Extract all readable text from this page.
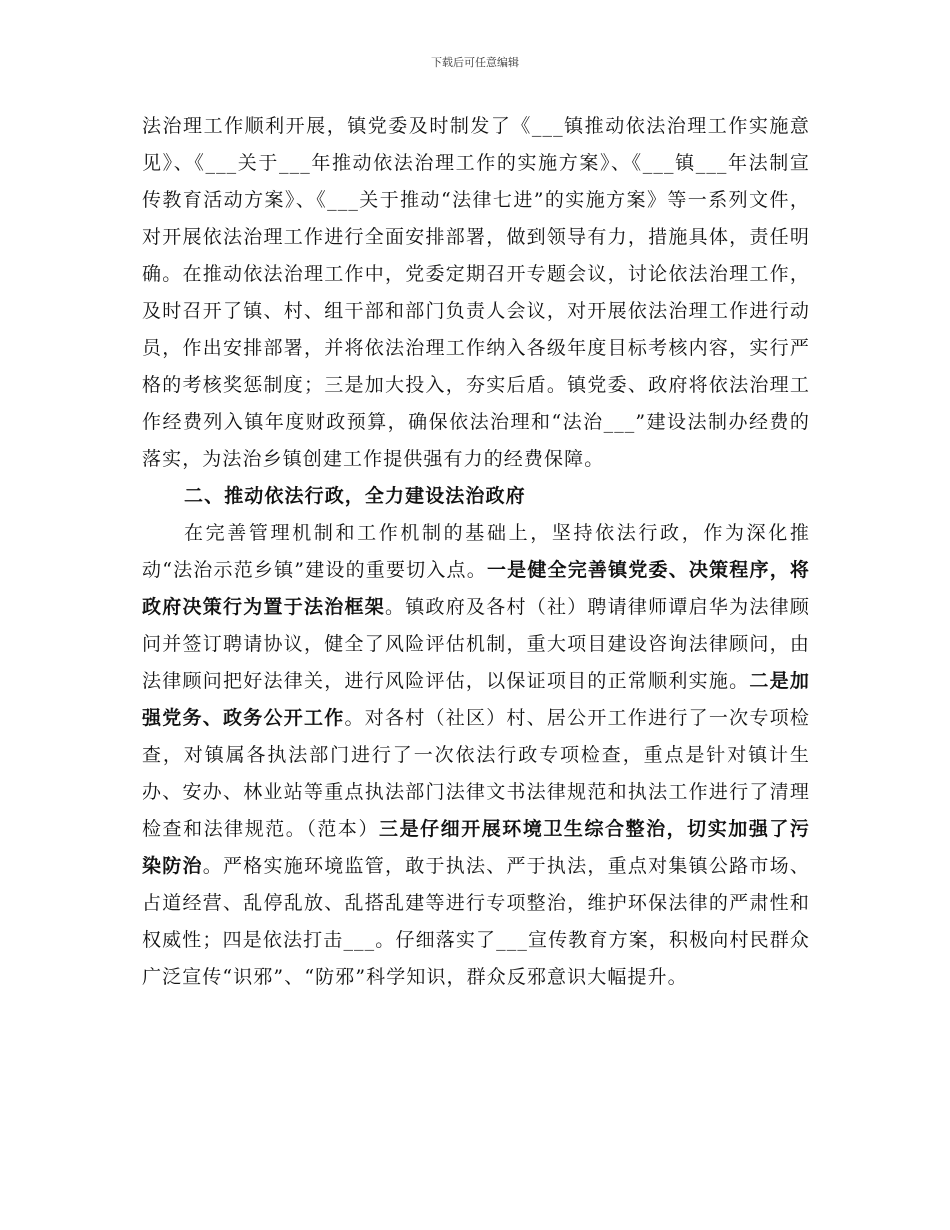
下载后可任意编辑

法治理工作顺利开展，镇党委及时制发了《___镇推动依法治理工作实施意见》、《___关于___年推动依法治理工作的实施方案》、《___镇___年法制宣传教育活动方案》、《___关于推动“法律七进”的实施方案》等一系列文件，对开展依法治理工作进行全面安排部署，做到领导有力，措施具体，责任明确。在推动依法治理工作中，党委定期召开专题会议，讨论依法治理工作，及时召开了镇、村、组干部和部门负责人会议，对开展依法治理工作进行动员，作出安排部署，并将依法治理工作纳入各级年度目标考核内容，实行严格的考核奖惩制度；三是加大投入，夯实后盾。镇党委、政府将依法治理工作经费列入镇年度财政预算，确保依法治理和“法治___”建设法制办经费的落实，为法治乡镇创建工作提供强有力的经费保障。

二、推动依法行政，全力建设法治政府

在完善管理机制和工作机制的基础上，坚持依法行政，作为深化推动“法治示范乡镇”建设的重要切入点。一是健全完善镇党委、决策程序，将政府决策行为置于法治框架。镇政府及各村（社）聘请律师谭启华为法律顾问并签订聘请协议，健全了风险评估机制，重大项目建设咨询法律顾问，由法律顾问把好法律关，进行风险评估，以保证项目的正常顺利实施。二是加强党务、政务公开工作。对各村（社区）村、居公开工作进行了一次专项检查，对镇属各执法部门进行了一次依法行政专项检查，重点是针对镇计生办、安办、林业站等重点执法部门法律文书法律规范和执法工作进行了清理检查和法律规范。（范本）三是仔细开展环境卫生综合整治，切实加强了污染防治。严格实施环境监管，敢于执法、严于执法，重点对集镇公路市场、占道经营、乱停乱放、乱搭乱建等进行专项整治，维护环保法律的严肃性和权威性；四是依法打击___。仔细落实了___宣传教育方案，积极向村民群众广泛宣传“识邪”、“防邪”科学知识，群众反邪意识大幅提升。
